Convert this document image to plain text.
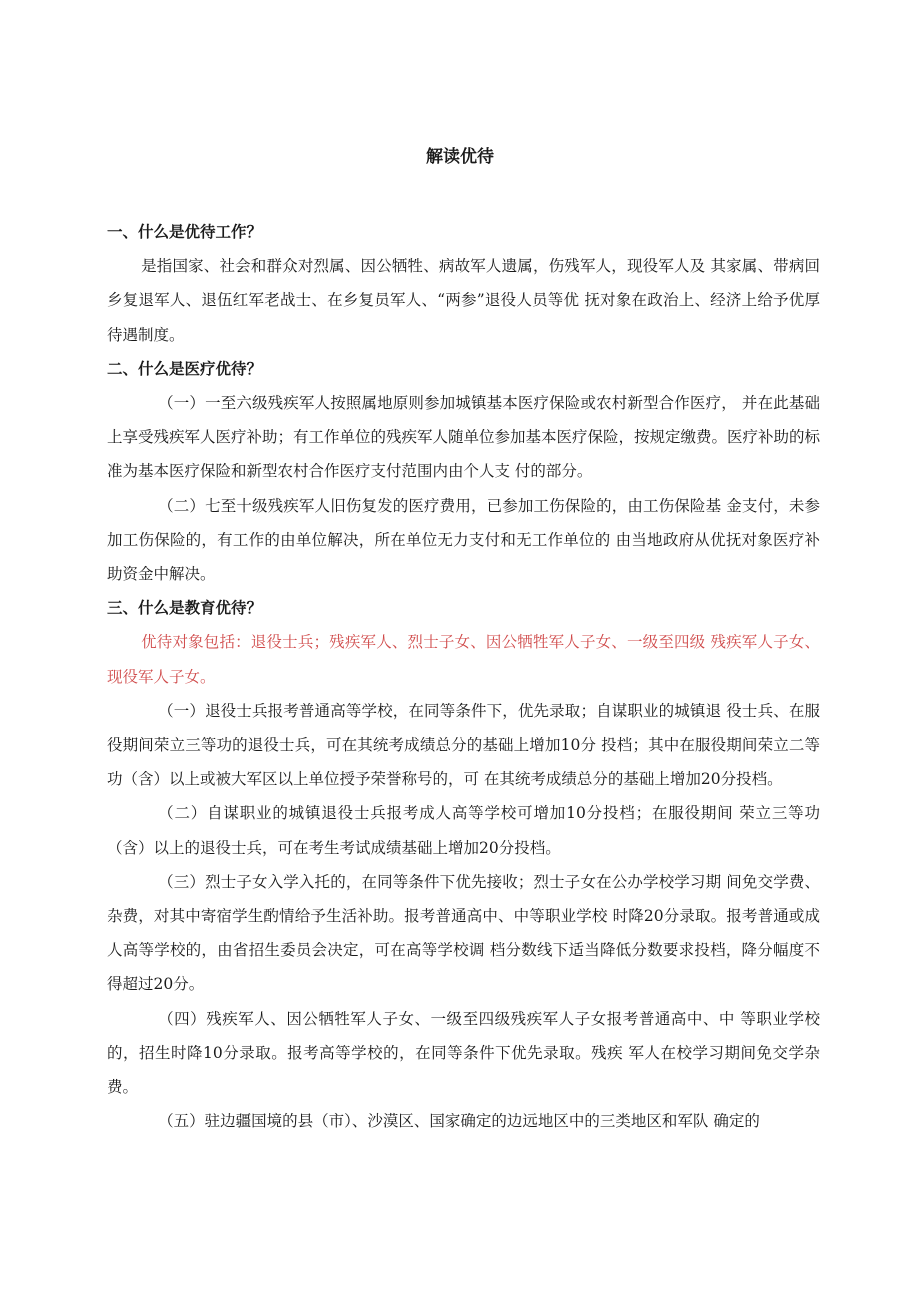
解读优待

一、什么是优待工作？

是指国家、社会和群众对烈属、因公牺牲、病故军人遗属，伤残军人，现役军人及 其家属、带病回乡复退军人、退伍红军老战士、在乡复员军人、“两参”退役人员等优 抚对象在政治上、经济上给予优厚待遇制度。

二、什么是医疗优待？

（一）一至六级残疾军人按照属地原则参加城镇基本医疗保险或农村新型合作医疗， 并在此基础上享受残疾军人医疗补助；有工作单位的残疾军人随单位参加基本医疗保险，按规定缴费。医疗补助的标准为基本医疗保险和新型农村合作医疗支付范围内由个人支 付的部分。

（二）七至十级残疾军人旧伤复发的医疗费用，已参加工伤保险的，由工伤保险基 金支付，未参加工伤保险的，有工作的由单位解决，所在单位无力支付和无工作单位的 由当地政府从优抚对象医疗补助资金中解决。

三、什么是教育优待？

优待对象包括：退役士兵；残疾军人、烈士子女、因公牺牲军人子女、一级至四级 残疾军人子女、现役军人子女。

（一）退役士兵报考普通高等学校，在同等条件下，优先录取；自谋职业的城镇退 役士兵、在服役期间荣立三等功的退役士兵，可在其统考成绩总分的基础上增加10分 投档；其中在服役期间荣立二等功（含）以上或被大军区以上单位授予荣誉称号的，可 在其统考成绩总分的基础上增加20分投档。

（二）自谋职业的城镇退役士兵报考成人高等学校可增加10分投档；在服役期间 荣立三等功（含）以上的退役士兵，可在考生考试成绩基础上增加20分投档。

（三）烈士子女入学入托的，在同等条件下优先接收；烈士子女在公办学校学习期 间免交学费、杂费，对其中寄宿学生酌情给予生活补助。报考普通高中、中等职业学校 时降20分录取。报考普通或成人高等学校的，由省招生委员会决定，可在高等学校调 档分数线下适当降低分数要求投档，降分幅度不得超过20分。

（四）残疾军人、因公牺牲军人子女、一级至四级残疾军人子女报考普通高中、中 等职业学校的，招生时降10分录取。报考高等学校的，在同等条件下优先录取。残疾 军人在校学习期间免交学杂费。

（五）驻边疆国境的县（市）、沙漠区、国家确定的边远地区中的三类地区和军队 确定的
